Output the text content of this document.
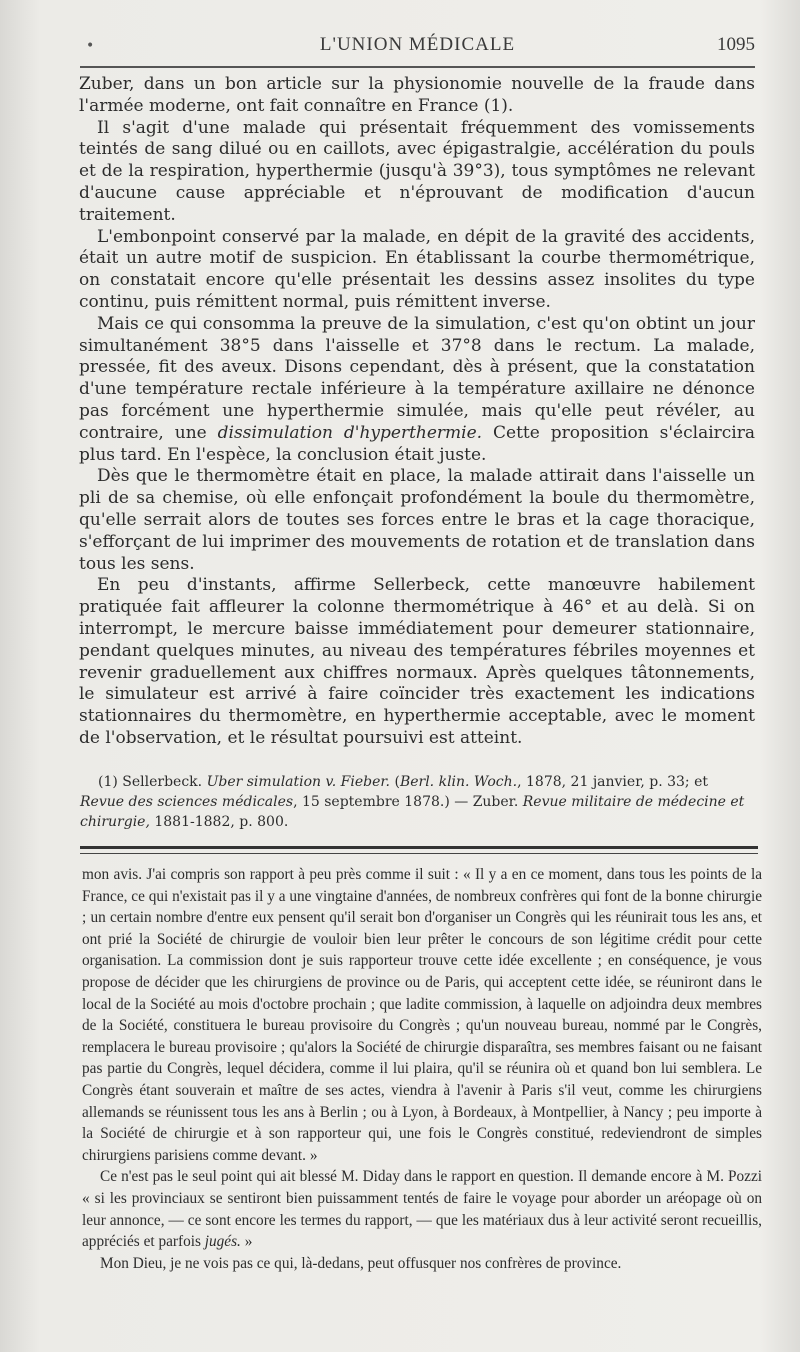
•	L'UNION MÉDICALE	1095

Zuber, dans un bon article sur la physionomie nouvelle de la fraude dans l'armée moderne, ont fait connaître en France (1).

Il s'agit d'une malade qui présentait fréquemment des vomissements teintés de sang dilué ou en caillots, avec épigastralgie, accélération du pouls et de la respiration, hyperthermie (jusqu'à 39°3), tous symptômes ne relevant d'aucune cause appréciable et n'éprouvant de modification d'aucun traitement.

L'embonpoint conservé par la malade, en dépit de la gravité des accidents, était un autre motif de suspicion. En établissant la courbe thermométrique, on constatait encore qu'elle présentait les dessins assez insolites du type continu, puis rémittent normal, puis rémittent inverse.

Mais ce qui consomma la preuve de la simulation, c'est qu'on obtint un jour simultanément 38°5 dans l'aisselle et 37°8 dans le rectum. La malade, pressée, fit des aveux. Disons cependant, dès à présent, que la constatation d'une température rectale inférieure à la température axillaire ne dénonce pas forcément une hyperthermie simulée, mais qu'elle peut révéler, au contraire, une dissimulation d'hyperthermie. Cette proposition s'éclaircira plus tard. En l'espèce, la conclusion était juste.

Dès que le thermomètre était en place, la malade attirait dans l'aisselle un pli de sa chemise, où elle enfonçait profondément la boule du thermomètre, qu'elle serrait alors de toutes ses forces entre le bras et la cage thoracique, s'efforçant de lui imprimer des mouvements de rotation et de translation dans tous les sens.

En peu d'instants, affirme Sellerbeck, cette manœuvre habilement pratiquée fait affleurer la colonne thermométrique à 46° et au delà. Si on interrompt, le mercure baisse immédiatement pour demeurer stationnaire, pendant quelques minutes, au niveau des températures fébriles moyennes et revenir graduellement aux chiffres normaux. Après quelques tâtonnements, le simulateur est arrivé à faire coïncider très exactement les indications stationnaires du thermomètre, en hyperthermie acceptable, avec le moment de l'observation, et le résultat poursuivi est atteint.

(1) Sellerbeck. Uber simulation v. Fieber. (Berl. klin. Woch., 1878, 21 janvier, p. 33; et Revue des sciences médicales, 15 septembre 1878.) — Zuber. Revue militaire de médecine et chirurgie, 1881-1882, p. 800.

mon avis. J'ai compris son rapport à peu près comme il suit : « Il y a en ce moment, dans tous les points de la France, ce qui n'existait pas il y a une vingtaine d'années, de nombreux confrères qui font de la bonne chirurgie ; un certain nombre d'entre eux pensent qu'il serait bon d'organiser un Congrès qui les réunirait tous les ans, et ont prié la Société de chirurgie de vouloir bien leur prêter le concours de son légitime crédit pour cette organisation. La commission dont je suis rapporteur trouve cette idée excellente ; en conséquence, je vous propose de décider que les chirurgiens de province ou de Paris, qui acceptent cette idée, se réuniront dans le local de la Société au mois d'octobre prochain ; que ladite commission, à laquelle on adjoindra deux membres de la Société, constituera le bureau provisoire du Congrès ; qu'un nouveau bureau, nommé par le Congrès, remplacera le bureau provisoire ; qu'alors la Société de chirurgie disparaîtra, ses membres faisant ou ne faisant pas partie du Congrès, lequel décidera, comme il lui plaira, qu'il se réunira où et quand bon lui semblera. Le Congrès étant souverain et maître de ses actes, viendra à l'avenir à Paris s'il veut, comme les chirurgiens allemands se réunissent tous les ans à Berlin ; ou à Lyon, à Bordeaux, à Montpellier, à Nancy ; peu importe à la Société de chirurgie et à son rapporteur qui, une fois le Congrès constitué, redeviendront de simples chirurgiens parisiens comme devant. »

Ce n'est pas le seul point qui ait blessé M. Diday dans le rapport en question. Il demande encore à M. Pozzi « si les provinciaux se sentiront bien puissamment tentés de faire le voyage pour aborder un aréopage où on leur annonce, — ce sont encore les termes du rapport, — que les matériaux dus à leur activité seront recueillis, appréciés et parfois jugés. »

Mon Dieu, je ne vois pas ce qui, là-dedans, peut offusquer nos confrères de province.
